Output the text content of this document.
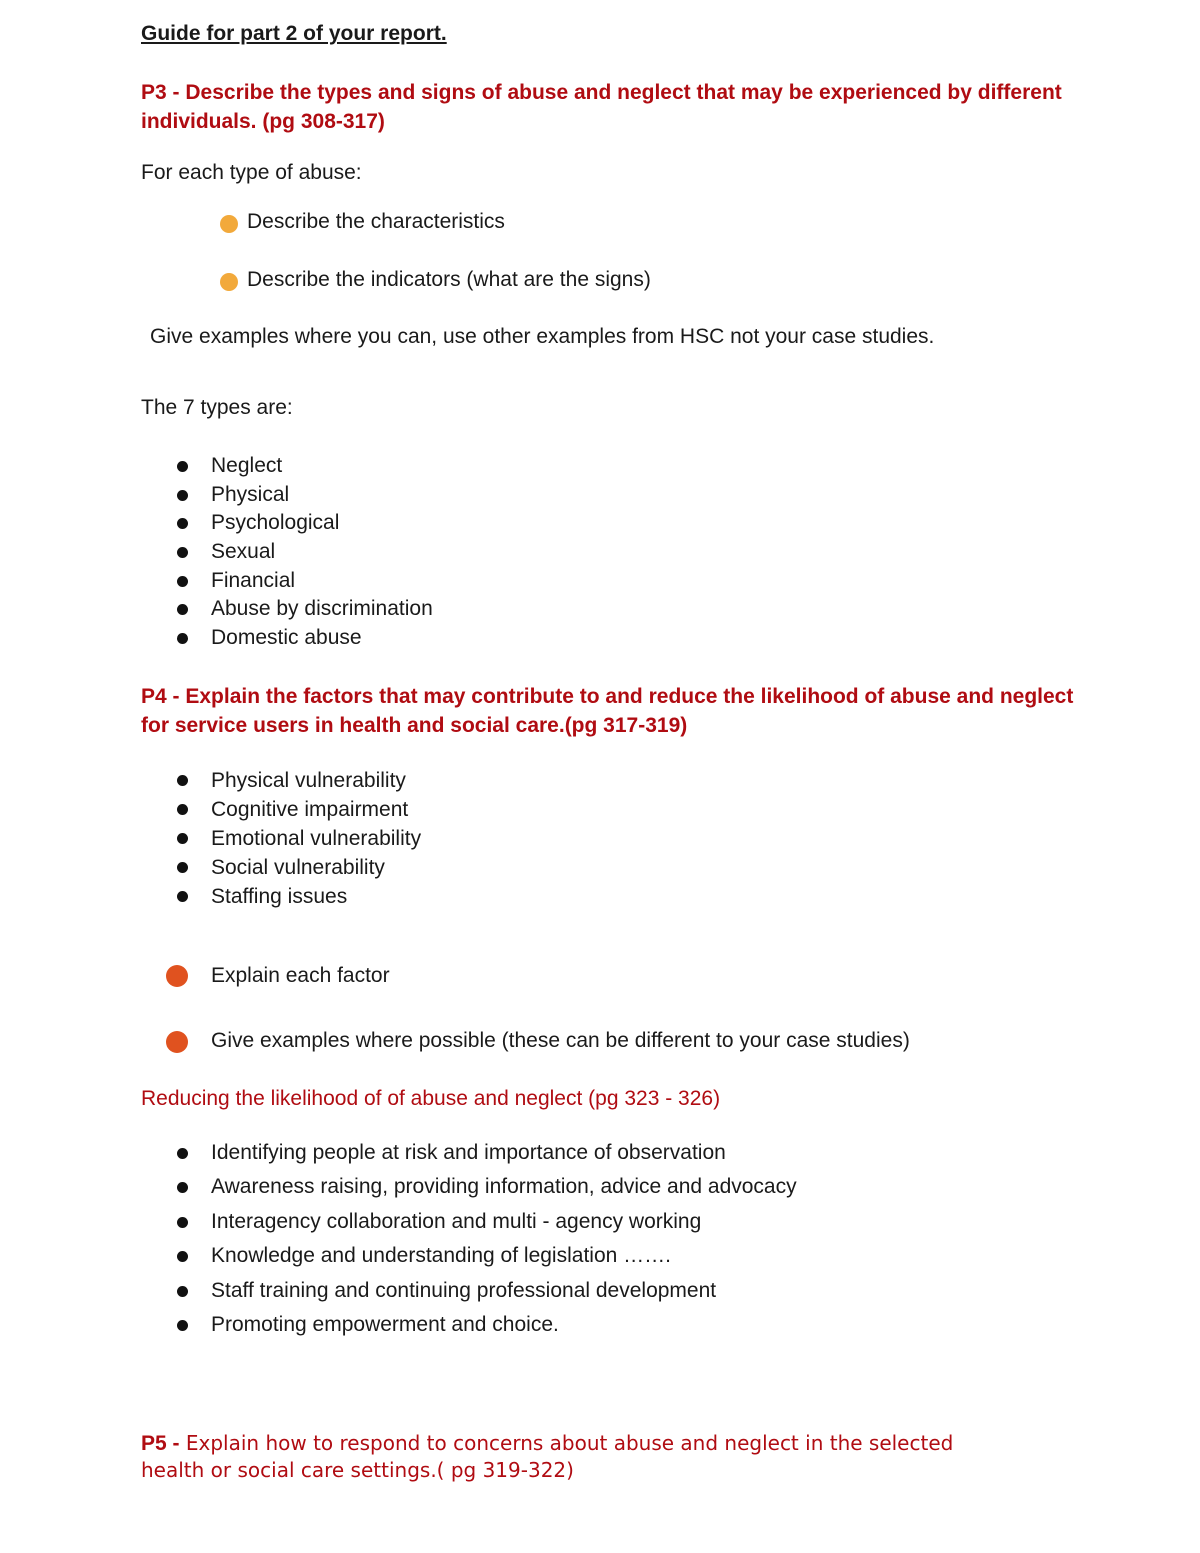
Guide for part 2 of your report.
P3 - Describe the types and signs of abuse and neglect that may be experienced by different
individuals. (pg 308-317)
For each type of abuse:
Describe the characteristics
Describe the indicators (what are the signs)
Give examples where you can, use other examples from HSC not your case studies.
The 7 types are:
Neglect
Physical
Psychological
Sexual
Financial
Abuse by discrimination
Domestic abuse
P4 - Explain the factors that may contribute to and reduce the likelihood of abuse and neglect
for service users in health and social care.(pg 317-319)
Physical vulnerability
Cognitive impairment
Emotional vulnerability
Social vulnerability
Staffing issues
Explain each factor
Give examples where possible (these can be different to your case studies)
Reducing the likelihood of of abuse and neglect (pg 323 - 326)
Identifying people at risk and importance of observation
Awareness raising, providing information, advice and advocacy
Interagency collaboration and multi - agency working
Knowledge and understanding of legislation …….
Staff training and continuing professional development
Promoting empowerment and choice.
P5 - Explain how to respond to concerns about abuse and neglect in the selected
health or social care settings.( pg 319-322)
